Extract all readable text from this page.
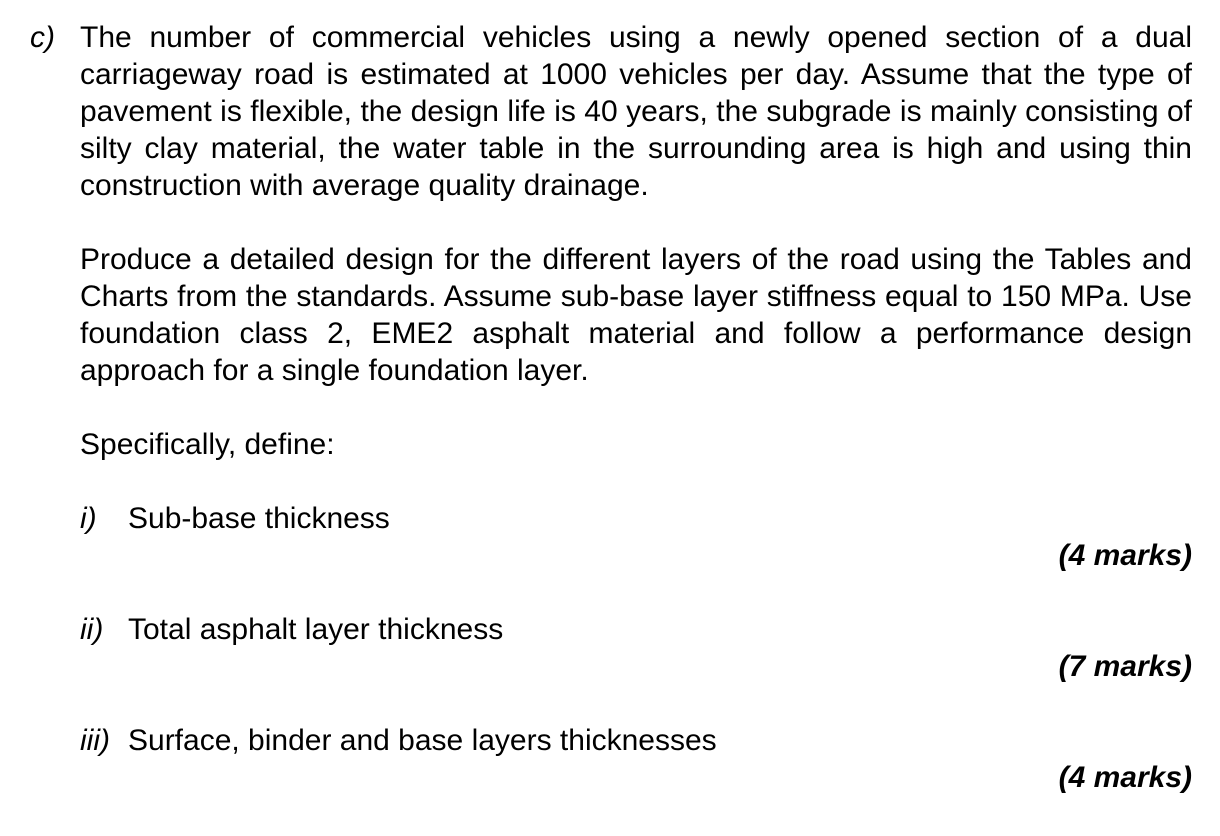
c) The number of commercial vehicles using a newly opened section of a dual carriageway road is estimated at 1000 vehicles per day. Assume that the type of pavement is flexible, the design life is 40 years, the subgrade is mainly consisting of silty clay material, the water table in the surrounding area is high and using thin construction with average quality drainage.

Produce a detailed design for the different layers of the road using the Tables and Charts from the standards. Assume sub-base layer stiffness equal to 150 MPa. Use foundation class 2, EME2 asphalt material and follow a performance design approach for a single foundation layer.

Specifically, define:

i) Sub-base thickness
(4 marks)
ii) Total asphalt layer thickness
(7 marks)
iii) Surface, binder and base layers thicknesses
(4 marks)
